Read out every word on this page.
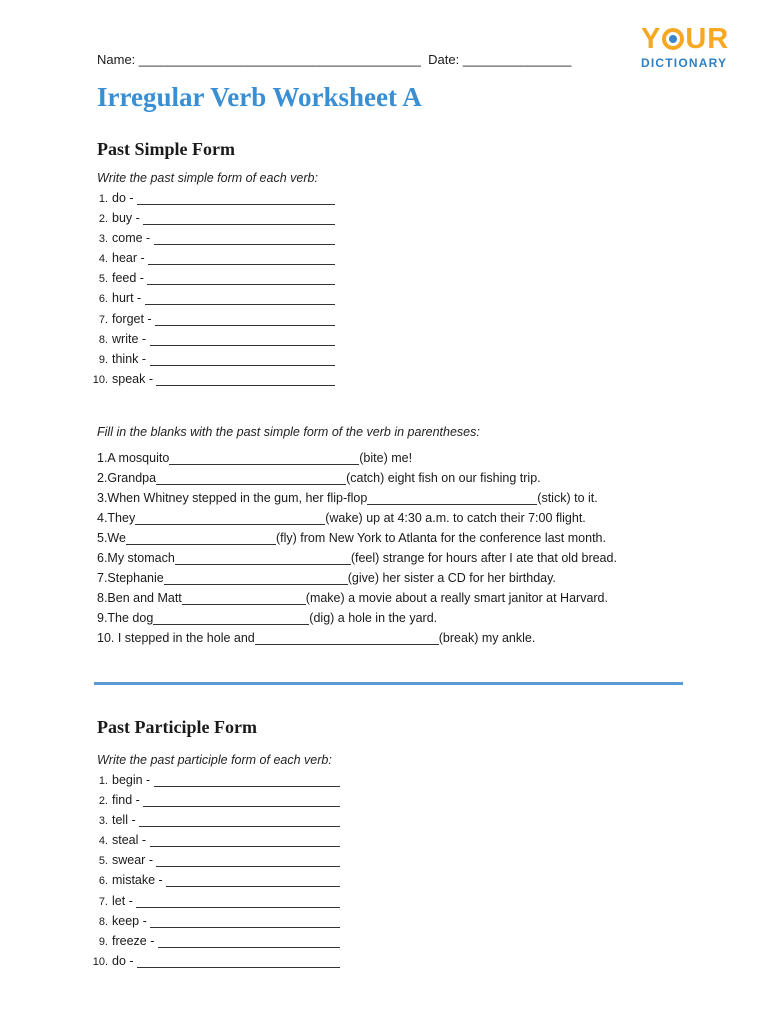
Name: _______________________________________ Date: _______________
Y UR
DICTIONARY
Irregular Verb Worksheet A
Past Simple Form
Write the past simple form of each verb:
1. do -
2. buy -
3. come -
4. hear -
5. feed -
6. hurt -
7. forget -
8. write -
9. think -
10. speak -
Fill in the blanks with the past simple form of the verb in parentheses:
1.A mosquito	(bite) me!
2.Grandpa	(catch) eight fish on our fishing trip.
3.When Whitney stepped in the gum, her flip-flop	(stick) to it.
4.They	(wake) up at 4:30 a.m. to catch their 7:00 flight.
5.We	(fly) from New York to Atlanta for the conference last month.
6.My stomach	(feel) strange for hours after I ate that old bread.
7.Stephanie	(give) her sister a CD for her birthday.
8.Ben and Matt	(make) a movie about a really smart janitor at Harvard.
9.The dog	(dig) a hole in the yard.
10. I stepped in the hole and	(break) my ankle.
Past Participle Form
Write the past participle form of each verb:
1. begin -
2. find -
3. tell -
4. steal -
5. swear -
6. mistake -
7. let -
8. keep -
9. freeze -
10. do -
